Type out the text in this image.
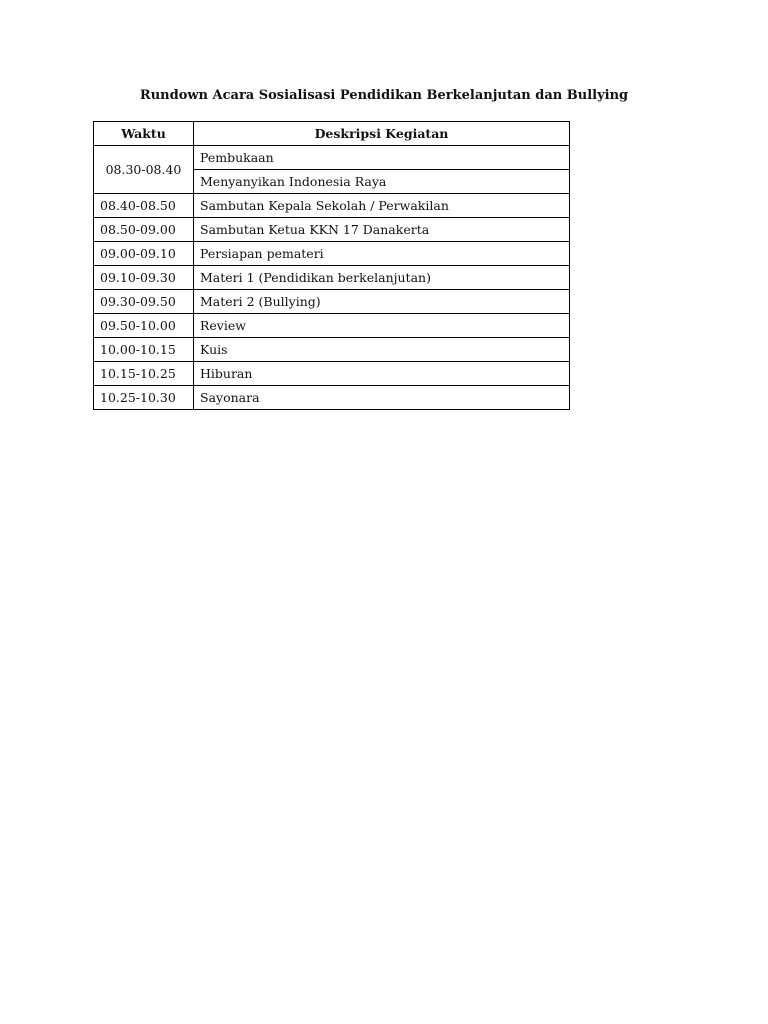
Rundown Acara Sosialisasi Pendidikan Berkelanjutan dan Bullying
Waktu	Deskripsi Kegiatan
08.30-08.40	Pembukaan
	Menyanyikan Indonesia Raya
08.40-08.50	Sambutan Kepala Sekolah / Perwakilan
08.50-09.00	Sambutan Ketua KKN 17 Danakerta
09.00-09.10	Persiapan pemateri
09.10-09.30	Materi 1 (Pendidikan berkelanjutan)
09.30-09.50	Materi 2 (Bullying)
09.50-10.00	Review
10.00-10.15	Kuis
10.15-10.25	Hiburan
10.25-10.30	Sayonara
